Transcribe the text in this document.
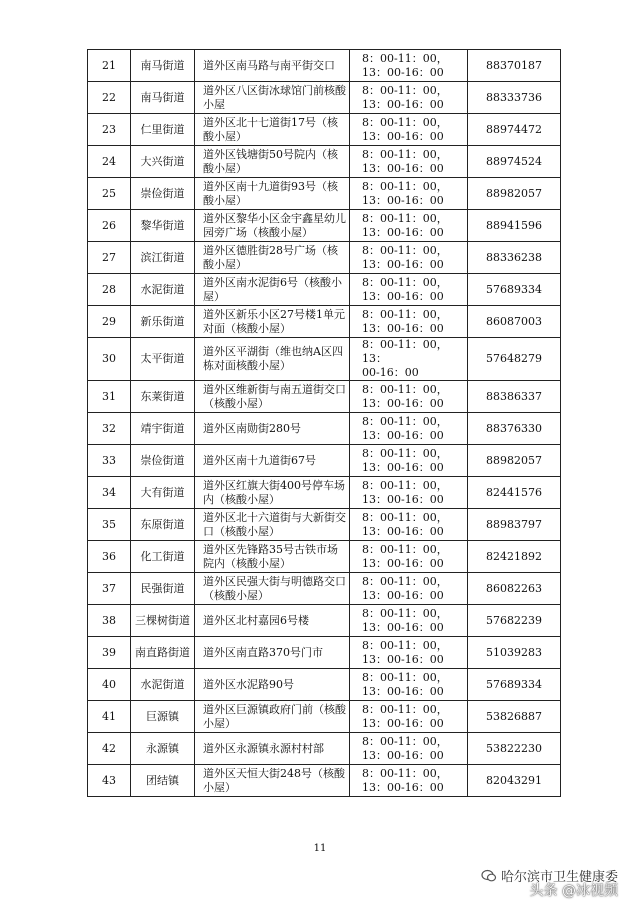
21	南马街道	道外区南马路与南平街交口	8：00-11：00，
13：00-16：00	88370187
22	南马街道	道外区八区街冰球馆门前核酸小屋	8：00-11：00，
13：00-16：00	88333736
23	仁里街道	道外区北十七道街17号（核酸小屋）	8：00-11：00，
13：00-16：00	88974472
24	大兴街道	道外区钱塘街50号院内（核酸小屋）	8：00-11：00，
13：00-16：00	88974524
25	崇俭街道	道外区南十九道街93号（核酸小屋）	8：00-11：00，
13：00-16：00	88982057
26	黎华街道	道外区黎华小区金宇鑫星幼儿园旁广场（核酸小屋）	8：00-11：00，
13：00-16：00	88941596
27	滨江街道	道外区德胜街28号广场（核酸小屋）	8：00-11：00，
13：00-16：00	88336238
28	水泥街道	道外区南水泥街6号（核酸小屋）	8：00-11：00，
13：00-16：00	57689334
29	新乐街道	道外区新乐小区27号楼1单元对面（核酸小屋）	8：00-11：00，
13：00-16：00	86087003
30	太平街道	道外区平湖街（维也纳A区四栋对面核酸小屋）	8：00-11：00，13：
00-16：00	57648279
31	东莱街道	道外区维新街与南五道街交口（核酸小屋）	8：00-11：00，
13：00-16：00	88386337
32	靖宇街道	道外区南勋街280号	8：00-11：00，
13：00-16：00	88376330
33	崇俭街道	道外区南十九道街67号	8：00-11：00，
13：00-16：00	88982057
34	大有街道	道外区红旗大街400号停车场内（核酸小屋）	8：00-11：00，
13：00-16：00	82441576
35	东原街道	道外区北十六道街与大新街交口（核酸小屋）	8：00-11：00，
13：00-16：00	88983797
36	化工街道	道外区先锋路35号古铁市场院内（核酸小屋）	8：00-11：00，
13：00-16：00	82421892
37	民强街道	道外区民强大街与明德路交口（核酸小屋）	8：00-11：00，
13：00-16：00	86082263
38	三棵树街道	道外区北村嘉园6号楼	8：00-11：00，
13：00-16：00	57682239
39	南直路街道	道外区南直路370号门市	8：00-11：00，
13：00-16：00	51039283
40	水泥街道	道外区水泥路90号	8：00-11：00，
13：00-16：00	57689334
41	巨源镇	道外区巨源镇政府门前（核酸小屋）	8：00-11：00，
13：00-16：00	53826887
42	永源镇	道外区永源镇永源村村部	8：00-11：00，
13：00-16：00	53822230
43	团结镇	道外区天恒大街248号（核酸小屋）	8：00-11：00，
13：00-16：00	82043291
11
哈尔滨市卫生健康委
头条 @冰视频
